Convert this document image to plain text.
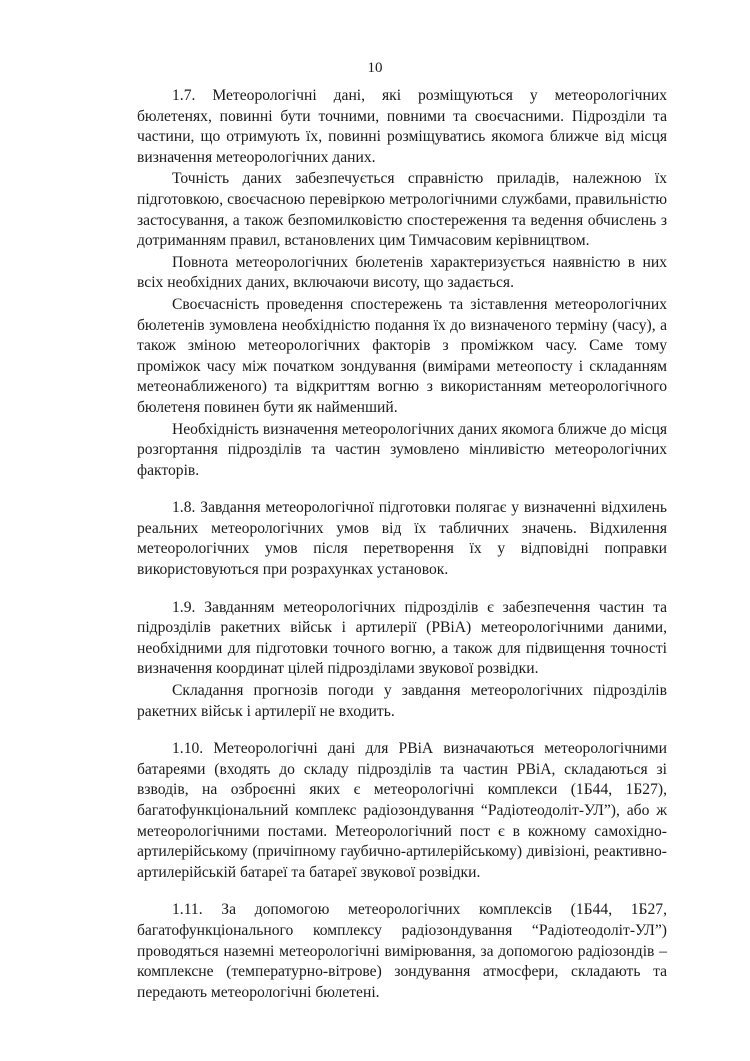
10

1.7. Метеорологічні дані, які розміщуються у метеорологічних бюлетенях, повинні бути точними, повними та своєчасними. Підрозділи та частини, що отримують їх, повинні розміщуватись якомога ближче від місця визначення метеорологічних даних.

Точність даних забезпечується справністю приладів, належною їх підготовкою, своєчасною перевіркою метрологічними службами, правильністю застосування, а також безпомилковістю спостереження та ведення обчислень з дотриманням правил, встановлених цим Тимчасовим керівництвом.

Повнота метеорологічних бюлетенів характеризується наявністю в них всіх необхідних даних, включаючи висоту, що задається.

Своєчасність проведення спостережень та зіставлення метеорологічних бюлетенів зумовлена необхідністю подання їх до визначеного терміну (часу), а також зміною метеорологічних факторів з проміжком часу. Саме тому проміжок часу між початком зондування (вимірами метеопосту і складанням метеонаближеного) та відкриттям вогню з використанням метеорологічного бюлетеня повинен бути як найменший.

Необхідність визначення метеорологічних даних якомога ближче до місця розгортання підрозділів та частин зумовлено мінливістю метеорологічних факторів.

1.8. Завдання метеорологічної підготовки полягає у визначенні відхилень реальних метеорологічних умов від їх табличних значень. Відхилення метеорологічних умов після перетворення їх у відповідні поправки використовуються при розрахунках установок.

1.9. Завданням метеорологічних підрозділів є забезпечення частин та підрозділів ракетних військ і артилерії (РВіА) метеорологічними даними, необхідними для підготовки точного вогню, а також для підвищення точності визначення координат цілей підрозділами звукової розвідки.

Складання прогнозів погоди у завдання метеорологічних підрозділів ракетних військ і артилерії не входить.

1.10. Метеорологічні дані для РВіА визначаються метеорологічними батареями (входять до складу підрозділів та частин РВіА, складаються зі взводів, на озброєнні яких є метеорологічні комплекси (1Б44, 1Б27), багатофункціональний комплекс радіозондування “Радіотеодоліт-УЛ”), або ж метеорологічними постами. Метеорологічний пост є в кожному самохідно-артилерійському (причіпному гаубично-артилерійському) дивізіоні, реактивно-артилерійській батареї та батареї звукової розвідки.

1.11. За допомогою метеорологічних комплексів (1Б44, 1Б27, багатофункціонального комплексу радіозондування “Радіотеодоліт-УЛ”) проводяться наземні метеорологічні вимірювання, за допомогою радіозондів – комплексне (температурно-вітрове) зондування атмосфери, складають та передають метеорологічні бюлетені.
